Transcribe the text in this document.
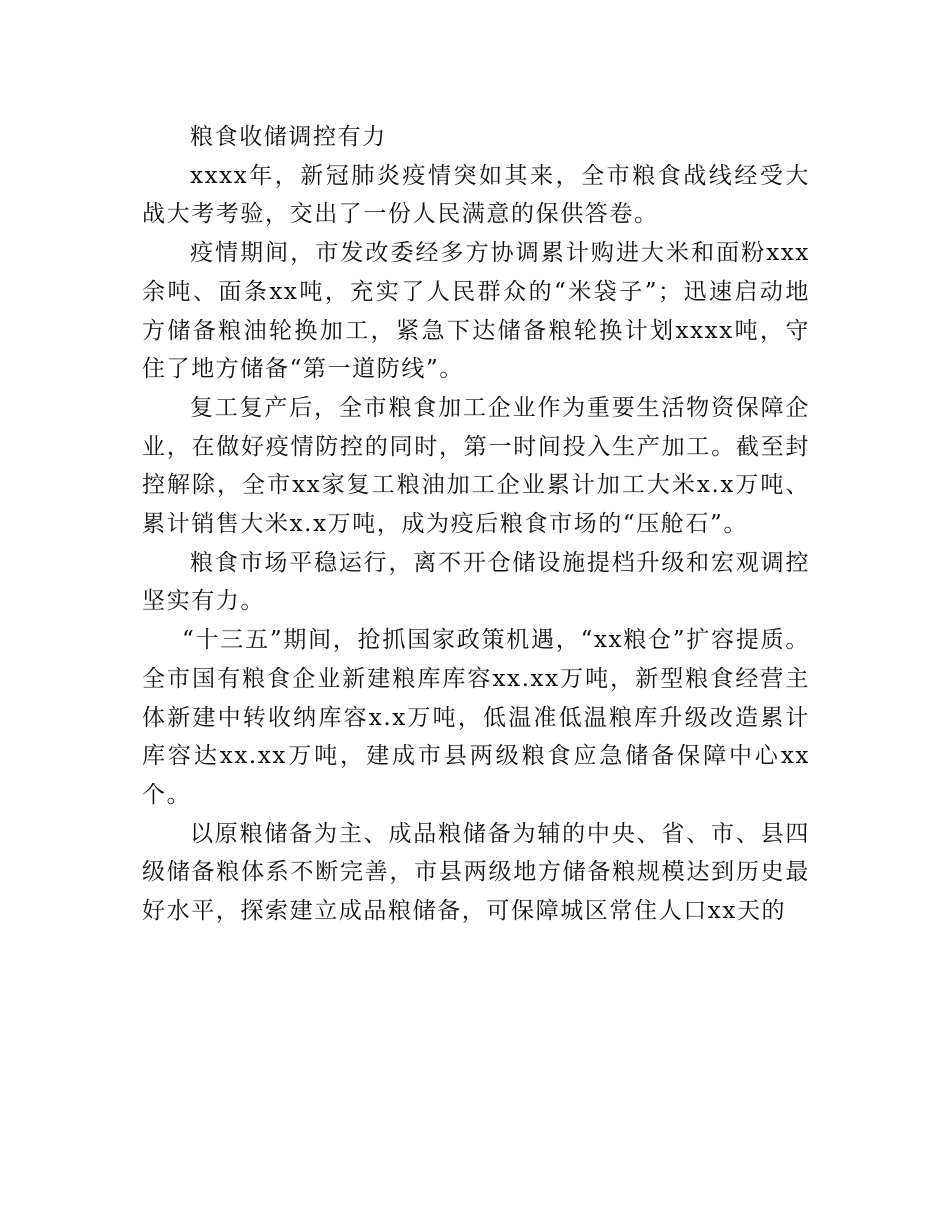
粮食收储调控有力

xxxx年，新冠肺炎疫情突如其来，全市粮食战线经受大战大考考验，交出了一份人民满意的保供答卷。

疫情期间，市发改委经多方协调累计购进大米和面粉xxx余吨、面条xx吨，充实了人民群众的“米袋子”；迅速启动地方储备粮油轮换加工，紧急下达储备粮轮换计划xxxx吨，守住了地方储备“第一道防线”。

复工复产后，全市粮食加工企业作为重要生活物资保障企业，在做好疫情防控的同时，第一时间投入生产加工。截至封控解除，全市xx家复工粮油加工企业累计加工大米x.x万吨、累计销售大米x.x万吨，成为疫后粮食市场的“压舱石”。

粮食市场平稳运行，离不开仓储设施提档升级和宏观调控坚实有力。

“十三五”期间，抢抓国家政策机遇，“xx粮仓”扩容提质。全市国有粮食企业新建粮库库容xx.xx万吨，新型粮食经营主体新建中转收纳库容x.x万吨，低温准低温粮库升级改造累计库容达xx.xx万吨，建成市县两级粮食应急储备保障中心xx个。

以原粮储备为主、成品粮储备为辅的中央、省、市、县四级储备粮体系不断完善，市县两级地方储备粮规模达到历史最好水平，探索建立成品粮储备，可保障城区常住人口xx天的
